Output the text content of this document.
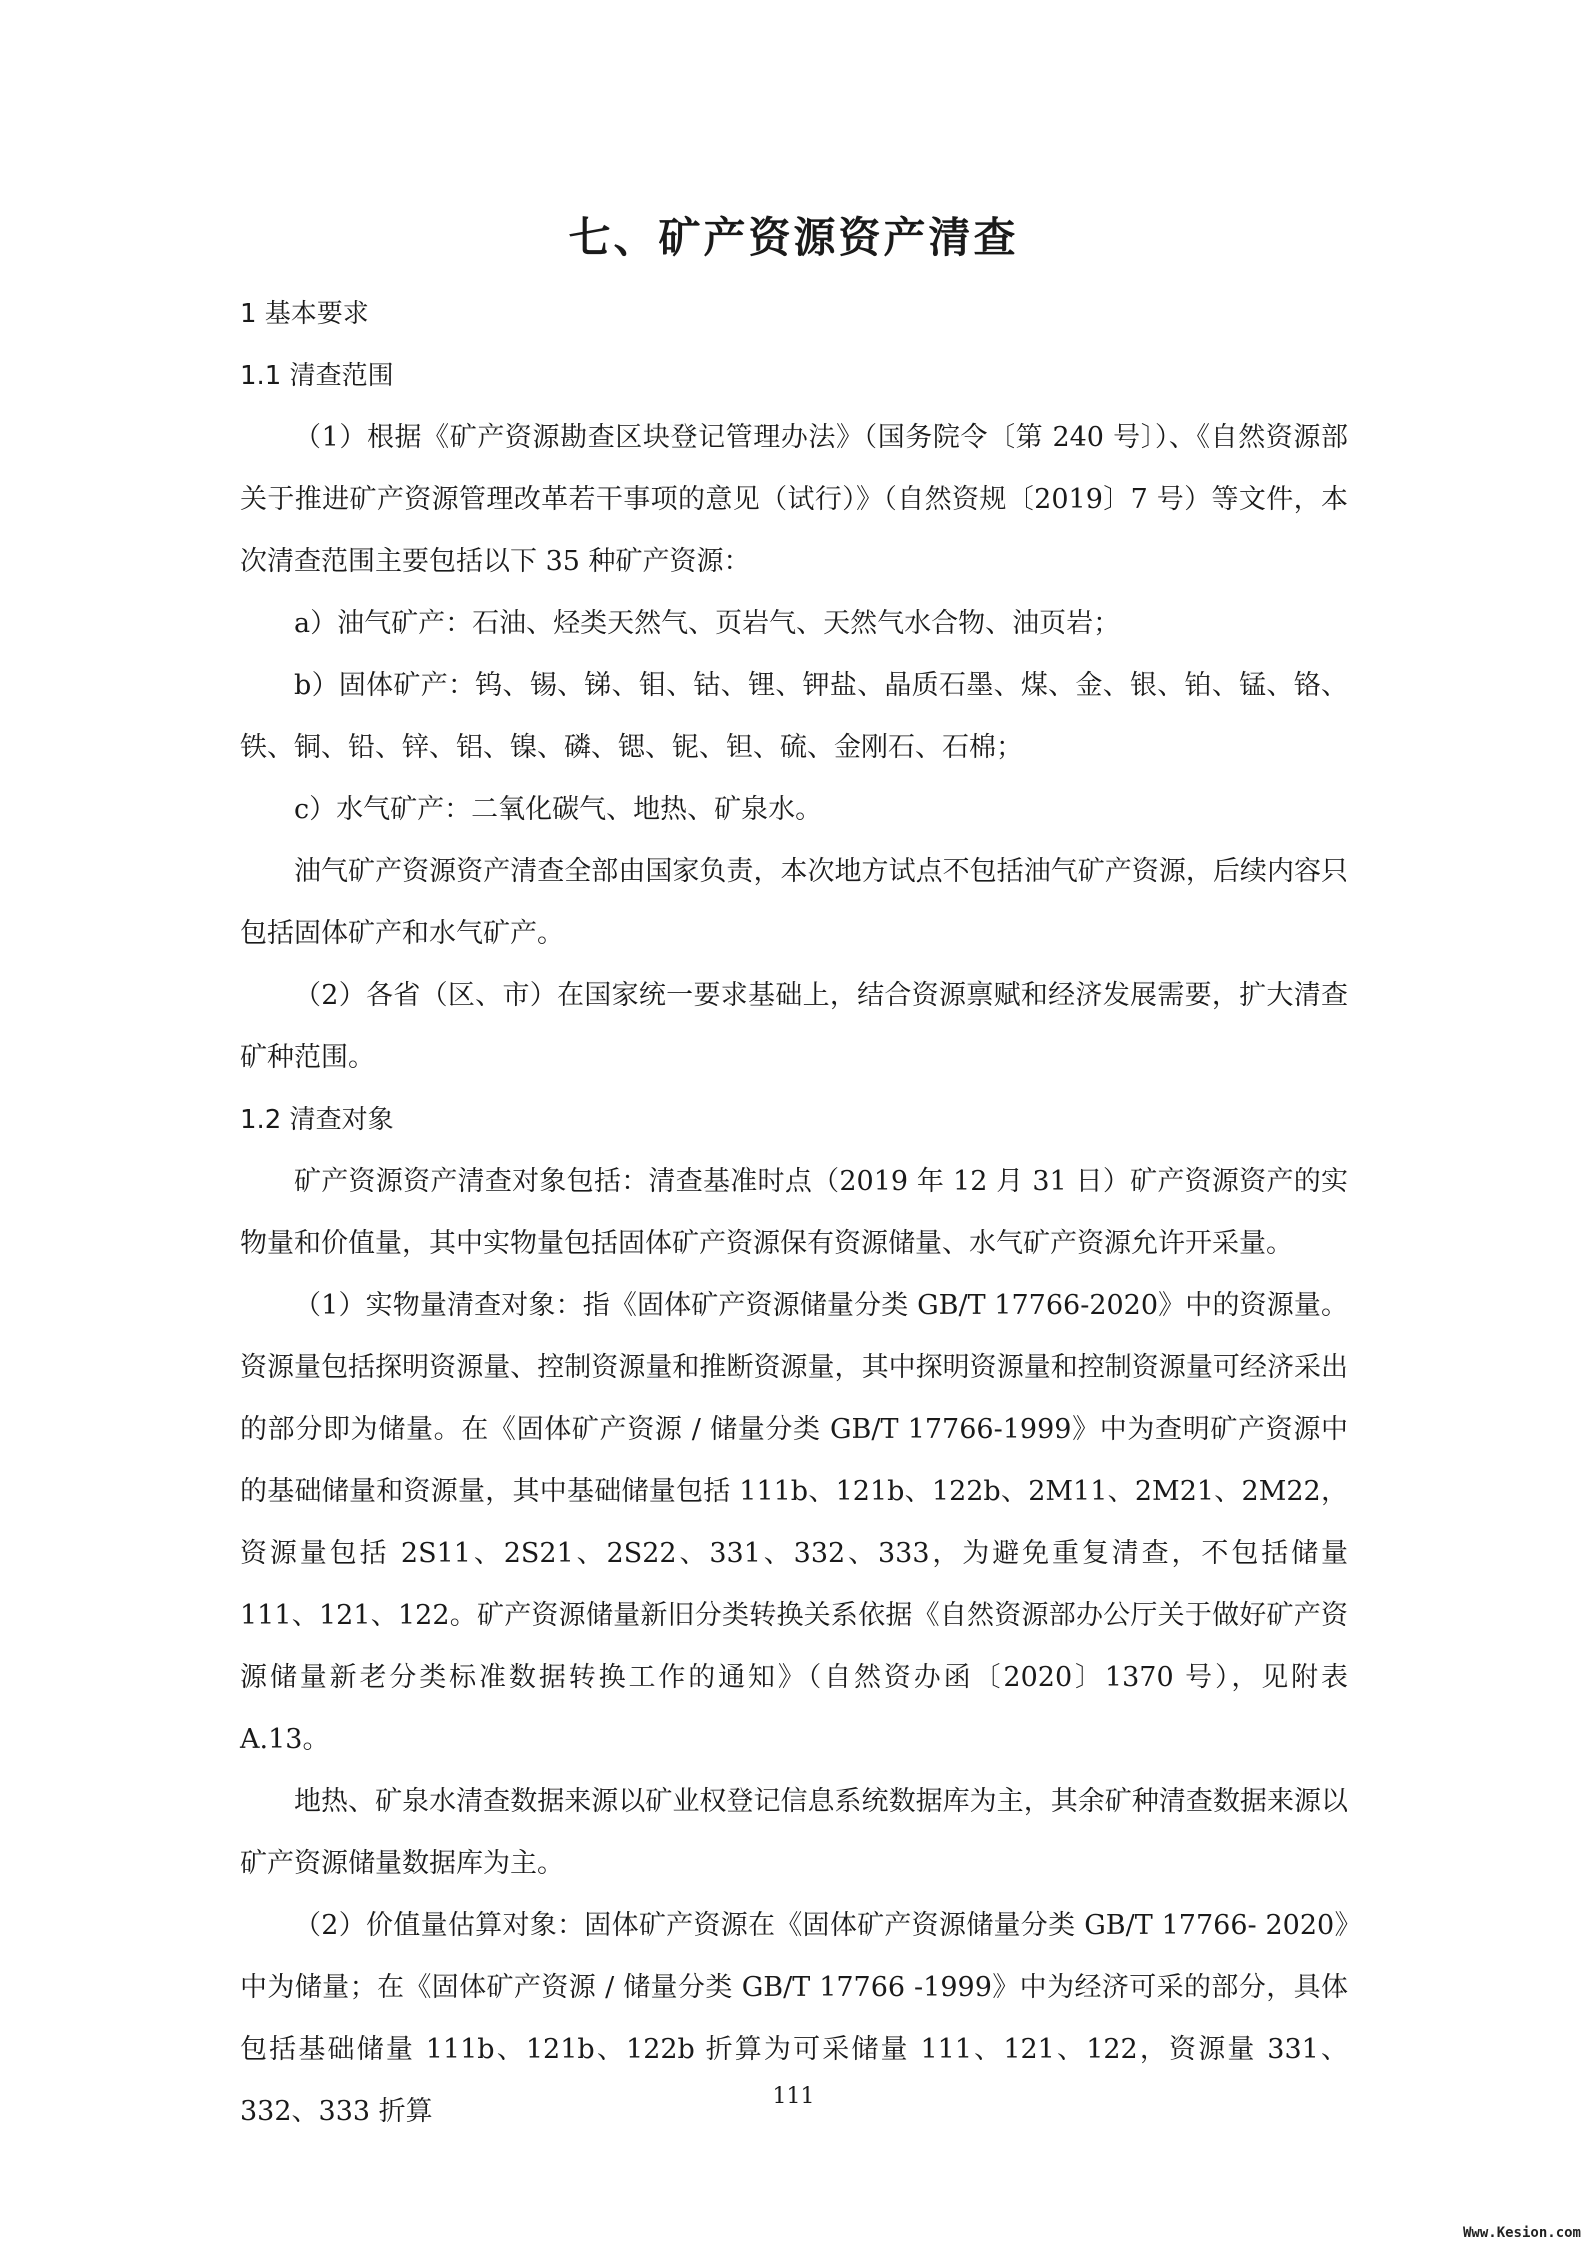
七、矿产资源资产清查
1 基本要求
1.1 清查范围

（1）根据《矿产资源勘查区块登记管理办法》（国务院令〔第 240 号〕）、《自然资源部关于推进矿产资源管理改革若干事项的意见（试行）》（自然资规〔2019〕7 号）等文件，本次清查范围主要包括以下 35 种矿产资源：

a）油气矿产：石油、烃类天然气、页岩气、天然气水合物、油页岩；

b）固体矿产：钨、锡、锑、钼、钴、锂、钾盐、晶质石墨、煤、金、银、铂、锰、铬、铁、铜、铅、锌、铝、镍、磷、锶、铌、钽、硫、金刚石、石棉；

c）水气矿产：二氧化碳气、地热、矿泉水。

油气矿产资源资产清查全部由国家负责，本次地方试点不包括油气矿产资源，后续内容只包括固体矿产和水气矿产。

（2）各省（区、市）在国家统一要求基础上，结合资源禀赋和经济发展需要，扩大清查矿种范围。

1.2 清查对象

矿产资源资产清查对象包括：清查基准时点（2019 年 12 月 31 日）矿产资源资产的实物量和价值量，其中实物量包括固体矿产资源保有资源储量、水气矿产资源允许开采量。

（1）实物量清查对象：指《固体矿产资源储量分类 GB/T 17766-2020》中的资源量。资源量包括探明资源量、控制资源量和推断资源量，其中探明资源量和控制资源量可经济采出的部分即为储量。在《固体矿产资源 / 储量分类 GB/T 17766-1999》中为查明矿产资源中的基础储量和资源量，其中基础储量包括 111b、121b、122b、2M11、2M21、2M22，资源量包括 2S11、2S21、2S22、331、332、333，为避免重复清查，不包括储量 111、121、122。矿产资源储量新旧分类转换关系依据《自然资源部办公厅关于做好矿产资源储量新老分类标准数据转换工作的通知》（自然资办函〔2020〕1370 号），见附表 A.13。

地热、矿泉水清查数据来源以矿业权登记信息系统数据库为主，其余矿种清查数据来源以矿产资源储量数据库为主。

（2）价值量估算对象：固体矿产资源在《固体矿产资源储量分类 GB/T 17766- 2020》中为储量；在《固体矿产资源 / 储量分类 GB/T 17766 -1999》中为经济可采的部分，具体包括基础储量 111b、121b、122b 折算为可采储量 111、121、122，资源量 331、332、333 折算	111
Www.Kesion.com
